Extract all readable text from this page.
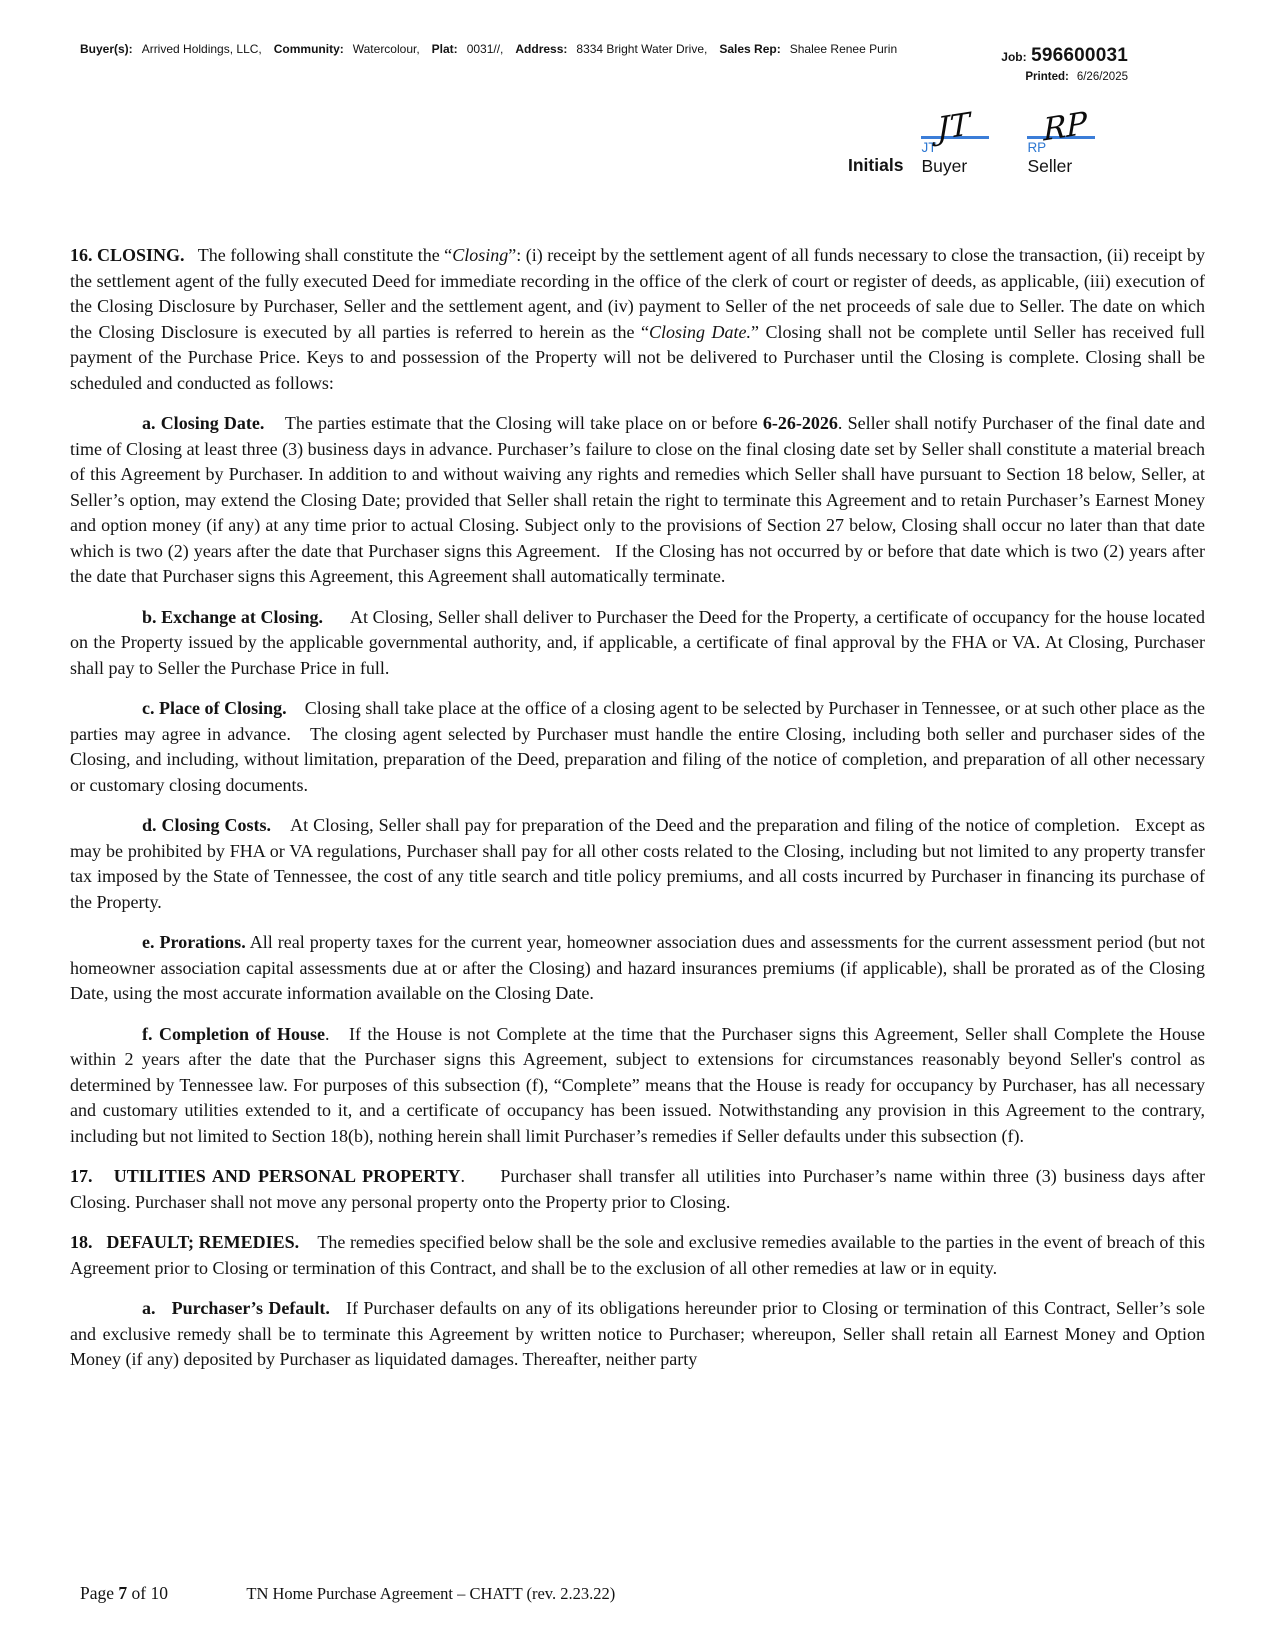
Buyer(s): Arrived Holdings, LLC, Community: Watercolour, Plat: 0031//, Address: 8334 Bright Water Drive, Sales Rep: Shalee Renee Purin
Job: 596600031
Printed: 6/26/2025
Initials
JT
JT
Buyer
RP
RP
Seller

16. CLOSING.   The following shall constitute the “Closing”: (i) receipt by the settlement agent of all funds necessary to close the transaction, (ii) receipt by the settlement agent of the fully executed Deed for immediate recording in the office of the clerk of court or register of deeds, as applicable, (iii) execution of the Closing Disclosure by Purchaser, Seller and the settlement agent, and (iv) payment to Seller of the net proceeds of sale due to Seller. The date on which the Closing Disclosure is executed by all parties is referred to herein as the “Closing Date.” Closing shall not be complete until Seller has received full payment of the Purchase Price. Keys to and possession of the Property will not be delivered to Purchaser until the Closing is complete. Closing shall be scheduled and conducted as follows:

a. Closing Date.    The parties estimate that the Closing will take place on or before 6-26-2026. Seller shall notify Purchaser of the final date and time of Closing at least three (3) business days in advance. Purchaser’s failure to close on the final closing date set by Seller shall constitute a material breach of this Agreement by Purchaser. In addition to and without waiving any rights and remedies which Seller shall have pursuant to Section 18 below, Seller, at Seller’s option, may extend the Closing Date; provided that Seller shall retain the right to terminate this Agreement and to retain Purchaser’s Earnest Money and option money (if any) at any time prior to actual Closing. Subject only to the provisions of Section 27 below, Closing shall occur no later than that date which is two (2) years after the date that Purchaser signs this Agreement.   If the Closing has not occurred by or before that date which is two (2) years after the date that Purchaser signs this Agreement, this Agreement shall automatically terminate.

b. Exchange at Closing.      At Closing, Seller shall deliver to Purchaser the Deed for the Property, a certificate of occupancy for the house located on the Property issued by the applicable governmental authority, and, if applicable, a certificate of final approval by the FHA or VA. At Closing, Purchaser shall pay to Seller the Purchase Price in full.

c. Place of Closing.    Closing shall take place at the office of a closing agent to be selected by Purchaser in Tennessee, or at such other place as the parties may agree in advance.   The closing agent selected by Purchaser must handle the entire Closing, including both seller and purchaser sides of the Closing, and including, without limitation, preparation of the Deed, preparation and filing of the notice of completion, and preparation of all other necessary or customary closing documents.

d. Closing Costs.    At Closing, Seller shall pay for preparation of the Deed and the preparation and filing of the notice of completion.   Except as may be prohibited by FHA or VA regulations, Purchaser shall pay for all other costs related to the Closing, including but not limited to any property transfer tax imposed by the State of Tennessee, the cost of any title search and title policy premiums, and all costs incurred by Purchaser in financing its purchase of the Property.

e. Prorations. All real property taxes for the current year, homeowner association dues and assessments for the current assessment period (but not homeowner association capital assessments due at or after the Closing) and hazard insurances premiums (if applicable), shall be prorated as of the Closing Date, using the most accurate information available on the Closing Date.

f. Completion of House.   If the House is not Complete at the time that the Purchaser signs this Agreement, Seller shall Complete the House within 2 years after the date that the Purchaser signs this Agreement, subject to extensions for circumstances reasonably beyond Seller's control as determined by Tennessee law. For purposes of this subsection (f), “Complete” means that the House is ready for occupancy by Purchaser, has all necessary and customary utilities extended to it, and a certificate of occupancy has been issued. Notwithstanding any provision in this Agreement to the contrary, including but not limited to Section 18(b), nothing herein shall limit Purchaser’s remedies if Seller defaults under this subsection (f).

17.   UTILITIES AND PERSONAL PROPERTY.     Purchaser shall transfer all utilities into Purchaser’s name within three (3) business days after Closing. Purchaser shall not move any personal property onto the Property prior to Closing.

18.   DEFAULT; REMEDIES.    The remedies specified below shall be the sole and exclusive remedies available to the parties in the event of breach of this Agreement prior to Closing or termination of this Contract, and shall be to the exclusion of all other remedies at law or in equity.

a.   Purchaser’s Default.   If Purchaser defaults on any of its obligations hereunder prior to Closing or termination of this Contract, Seller’s sole and exclusive remedy shall be to terminate this Agreement by written notice to Purchaser; whereupon, Seller shall retain all Earnest Money and Option Money (if any) deposited by Purchaser as liquidated damages. Thereafter, neither party

Page 7 of 10	TN Home Purchase Agreement – CHATT (rev. 2.23.22)
